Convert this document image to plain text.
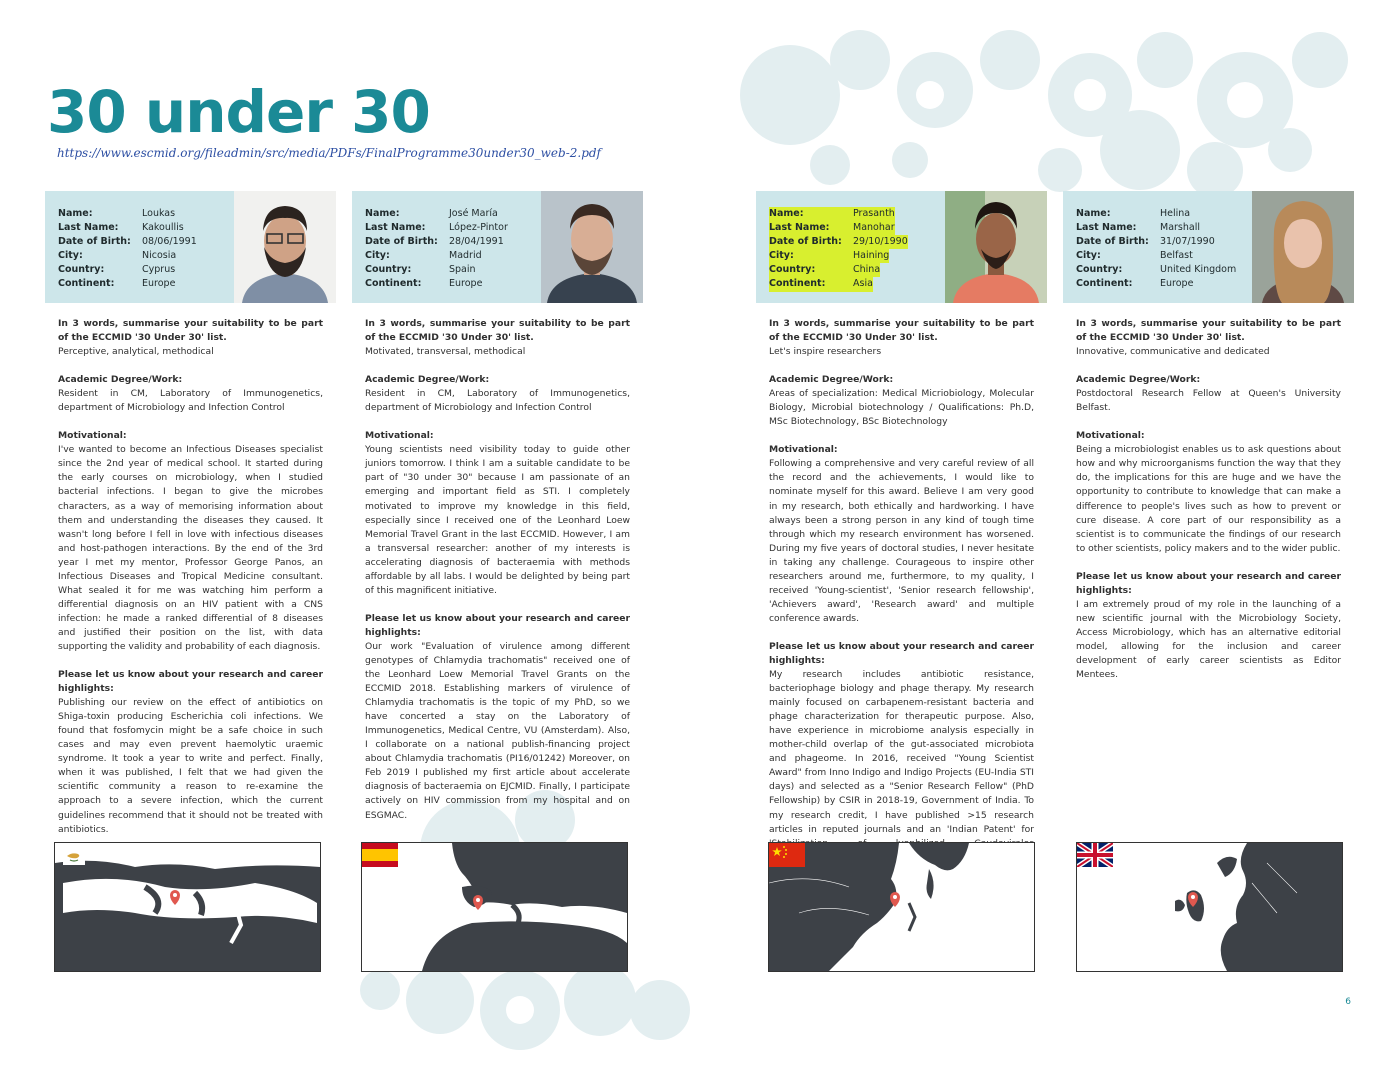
30 under 30
https://www.escmid.org/fileadmin/src/media/PDFs/FinalProgramme30under30_web-2.pdf
Name:	Loukas
Last Name:	Kakoullis
Date of Birth:	08/06/1991
City:	Nicosia
Country:	Cyprus
Continent:	Europe
In 3 words, summarise your suitability to be part of the ECCMID '30 Under 30' list.

Perceptive, analytical, methodical

Academic Degree/Work:

Resident in CM, Laboratory of Immunogenetics, department of Microbiology and Infection Control

Motivational:

I've wanted to become an Infectious Diseases specialist since the 2nd year of medical school. It started during the early courses on microbiology, when I studied bacterial infections. I began to give the microbes characters, as a way of memorising information about them and understanding the diseases they caused. It wasn't long before I fell in love with infectious diseases and host-pathogen interactions. By the end of the 3rd year I met my mentor, Professor George Panos, an Infectious Diseases and Tropical Medicine consultant. What sealed it for me was watching him perform a differential diagnosis on an HIV patient with a CNS infection: he made a ranked differential of 8 diseases and justified their position on the list, with data supporting the validity and probability of each diagnosis.

Please let us know about your research and career highlights:

Publishing our review on the effect of antibiotics on Shiga-toxin producing Escherichia coli infections. We found that fosfomycin might be a safe choice in such cases and may even prevent haemolytic uraemic syndrome. It took a year to write and perfect. Finally, when it was published, I felt that we had given the scientific community a reason to re-examine the approach to a severe infection, which the current guidelines recommend that it should not be treated with antibiotics.

Name:	José María
Last Name:	López-Pintor
Date of Birth:	28/04/1991
City:	Madrid
Country:	Spain
Continent:	Europe
In 3 words, summarise your suitability to be part of the ECCMID '30 Under 30' list.

Motivated, transversal, methodical

Academic Degree/Work:

Resident in CM, Laboratory of Immunogenetics, department of Microbiology and Infection Control

Motivational:

Young scientists need visibility today to guide other juniors tomorrow. I think I am a suitable candidate to be part of "30 under 30" because I am passionate of an emerging and important field as STI. I completely motivated to improve my knowledge in this field, especially since I received one of the Leonhard Loew Memorial Travel Grant in the last ECCMID. However, I am a transversal researcher: another of my interests is accelerating diagnosis of bacteraemia with methods affordable by all labs. I would be delighted by being part of this magnificent initiative.

Please let us know about your research and career highlights:

Our work "Evaluation of virulence among different genotypes of Chlamydia trachomatis" received one of the Leonhard Loew Memorial Travel Grants on the ECCMID 2018. Establishing markers of virulence of Chlamydia trachomatis is the topic of my PhD, so we have concerted a stay on the Laboratory of Immunogenetics, Medical Centre, VU (Amsterdam). Also, I collaborate on a national publish-financing project about Chlamydia trachomatis (PI16/01242) Moreover, on Feb 2019 I published my first article about accelerate diagnosis of bacteraemia on EJCMID. Finally, I participate actively on HIV commission from my hospital and on ESGMAC.

Name:	Prasanth
Last Name:	Manohar
Date of Birth:	29/10/1990
City:	Haining
Country:	China
Continent:	Asia
In 3 words, summarise your suitability to be part of the ECCMID '30 Under 30' list.

Let's inspire researchers

Academic Degree/Work:

Areas of specialization: Medical Micriobiology, Molecular Biology, Microbial biotechnology / Qualifications: Ph.D, MSc Biotechnology, BSc Biotechnology

Motivational:

Following a comprehensive and very careful review of all the record and the achievements, I would like to nominate myself for this award. Believe I am very good in my research, both ethically and hardworking. I have always been a strong person in any kind of tough time through which my research environment has worsened. During my five years of doctoral studies, I never hesitate in taking any challenge. Courageous to inspire other researchers around me, furthermore, to my quality, I received 'Young-scientist', 'Senior research fellowship', 'Achievers award', 'Research award' and multiple conference awards.

Please let us know about your research and career highlights:

My research includes antibiotic resistance, bacteriophage biology and phage therapy. My research mainly focused on carbapenem-resistant bacteria and phage characterization for therapeutic purpose. Also, have experience in microbiome analysis especially in mother-child overlap of the gut-associated microbiota and phageome. In 2016, received "Young Scientist Award" from Inno Indigo and Indigo Projects (EU-India STI days) and selected as a "Senior Research Fellow" (PhD Fellowship) by CSIR in 2018-19, Government of India. To my research credit, I have published >15 research articles in reputed journals and an 'Indian Patent' for

Name:	Helina
Last Name:	Marshall
Date of Birth:	31/07/1990
City:	Belfast
Country:	United Kingdom
Continent:	Europe
In 3 words, summarise your suitability to be part of the ECCMID '30 Under 30' list.

Innovative, communicative and dedicated

Academic Degree/Work:

Postdoctoral Research Fellow at Queen's University Belfast.

Motivational:

Being a microbiologist enables us to ask questions about how and why microorganisms function the way that they do, the implications for this are huge and we have the opportunity to contribute to knowledge that can make a difference to people's lives such as how to prevent or cure disease. A core part of our responsibility as a scientist is to communicate the findings of our research to other scientists, policy makers and to the wider public.

Please let us know about your research and career highlights:

I am extremely proud of my role in the launching of a new scientific journal with the Microbiology Society, Access Microbiology, which has an alternative editorial model, allowing for the inclusion and career development of early career scientists as Editor Mentees.

6
